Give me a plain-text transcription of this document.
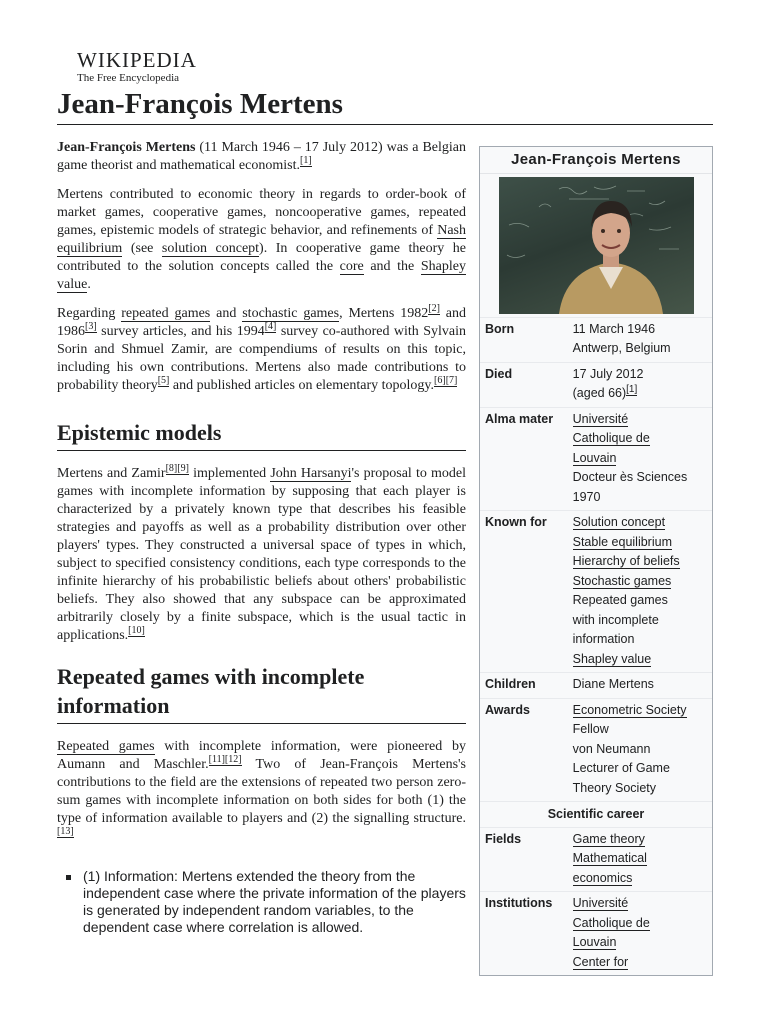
WIKIPEDIA
The Free Encyclopedia
Jean-François Mertens

Jean-François Mertens (11 March 1946 – 17 July 2012) was a Belgian game theorist and mathematical economist.[1]

Mertens contributed to economic theory in regards to order-book of market games, cooperative games, noncooperative games, repeated games, epistemic models of strategic behavior, and refinements of Nash equilibrium (see solution concept). In cooperative game theory he contributed to the solution concepts called the core and the Shapley value.

Regarding repeated games and stochastic games, Mertens 1982[2] and 1986[3] survey articles, and his 1994[4] survey co-authored with Sylvain Sorin and Shmuel Zamir, are compendiums of results on this topic, including his own contributions. Mertens also made contributions to probability theory[5] and published articles on elementary topology.[6][7]

Epistemic models

Mertens and Zamir[8][9] implemented John Harsanyi's proposal to model games with incomplete information by supposing that each player is characterized by a privately known type that describes his feasible strategies and payoffs as well as a probability distribution over other players' types. They constructed a universal space of types in which, subject to specified consistency conditions, each type corresponds to the infinite hierarchy of his probabilistic beliefs about others' probabilistic beliefs. They also showed that any subspace can be approximated arbitrarily closely by a finite subspace, which is the usual tactic in applications.[10]

Repeated games with incomplete information

Repeated games with incomplete information, were pioneered by Aumann and Maschler.[11][12] Two of Jean-François Mertens's contributions to the field are the extensions of repeated two person zero-sum games with incomplete information on both sides for both (1) the type of information available to players and (2) the signalling structure.[13]

(1) Information: Mertens extended the theory from the independent case where the private information of the players is generated by independent random variables, to the dependent case where correlation is allowed.
Jean-François Mertens
Born	11 March 1946
Antwerp, Belgium
Died	17 July 2012
(aged 66)[1]
Alma mater	Université
Catholique de
Louvain
Docteur ès Sciences
1970
Known for	Solution concept
Stable equilibrium
Hierarchy of beliefs
Stochastic games
Repeated games
with incomplete
information
Shapley value
Children	Diane Mertens
Awards	Econometric Society
Fellow
von Neumann
Lecturer of Game
Theory Society
Scientific career
Fields	Game theory
Mathematical
economics
Institutions	Université
Catholique de
Louvain
Center for
